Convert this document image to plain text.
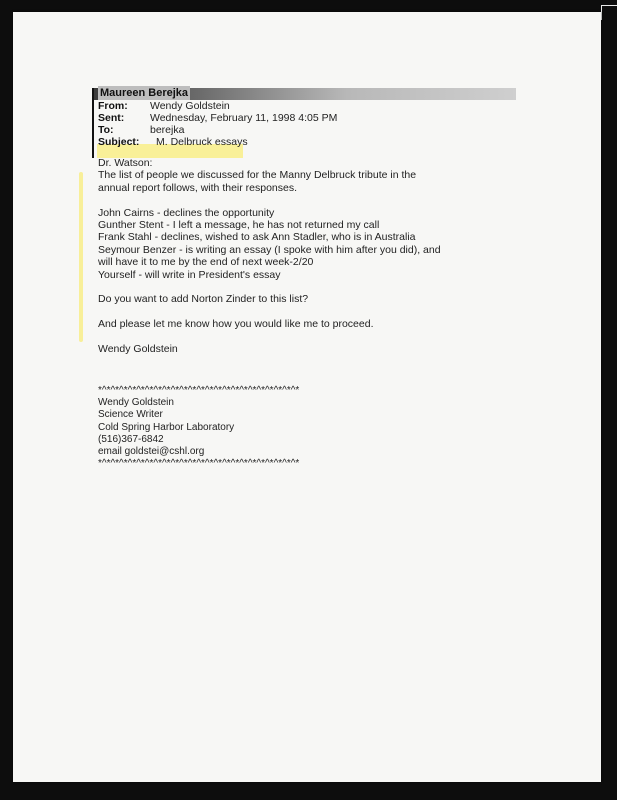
Maureen Berejka
From: Wendy Goldstein
Sent: Wednesday, February 11, 1998 4:05 PM
To:	berejka
Subject: M. Delbruck essays

Dr. Watson:

The list of people we discussed for the Manny Delbruck tribute in the

annual report follows, with their responses.

John Cairns - declines the opportunity

Gunther Stent - I left a message, he has not returned my call

Frank Stahl - declines, wished to ask Ann Stadler, who is in Australia

Seymour Benzer - is writing an essay (I spoke with him after you did), and

will have it to me by the end of next week-2/20

Yourself - will write in President's essay

Do you want to add Norton Zinder to this list?

And please let me know how you would like me to proceed.

Wendy Goldstein

*^*^*^*^*^*^*^*^*^*^*^*^*^*^*^*^*^*^*^*^*^*^*^*

Wendy Goldstein

Science Writer

Cold Spring Harbor Laboratory

(516)367-6842

email goldstei@cshl.org

*^*^*^*^*^*^*^*^*^*^*^*^*^*^*^*^*^*^*^*^*^*^*^*
